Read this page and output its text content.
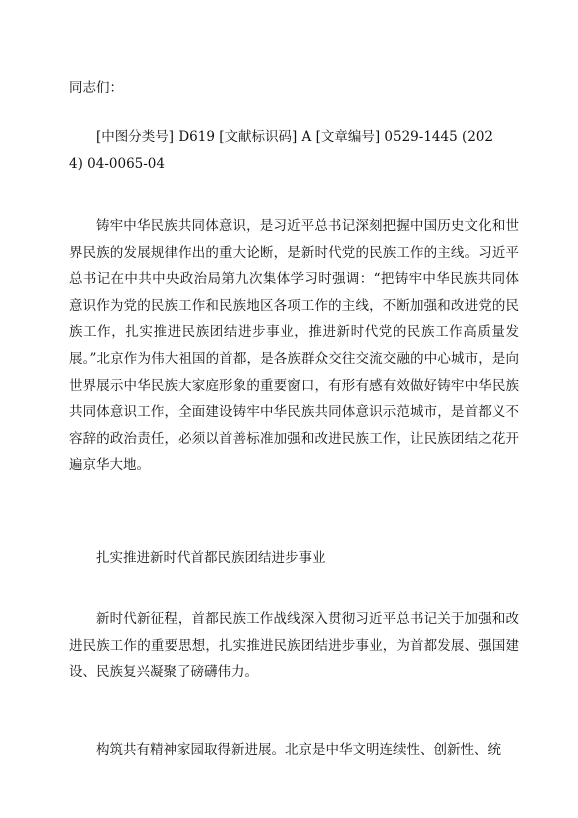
同志们：
[中图分类号] D619 [文献标识码] A [文章编号] 0529-1445 (202
4) 04-0065-04
铸牢中华民族共同体意识，是习近平总书记深刻把握中国历史文化和世界民族的发展规律作出的重大论断，是新时代党的民族工作的主线。习近平总书记在中共中央政治局第九次集体学习时强调：“把铸牢中华民族共同体意识作为党的民族工作和民族地区各项工作的主线，不断加强和改进党的民族工作，扎实推进民族团结进步事业，推进新时代党的民族工作高质量发展。”北京作为伟大祖国的首都，是各族群众交往交流交融的中心城市，是向世界展示中华民族大家庭形象的重要窗口，有形有感有效做好铸牢中华民族共同体意识工作，全面建设铸牢中华民族共同体意识示范城市，是首都义不容辞的政治责任，必须以首善标准加强和改进民族工作，让民族团结之花开遍京华大地。
扎实推进新时代首都民族团结进步事业
新时代新征程，首都民族工作战线深入贯彻习近平总书记关于加强和改进民族工作的重要思想，扎实推进民族团结进步事业，为首都发展、强国建设、民族复兴凝聚了磅礴伟力。
构筑共有精神家园取得新进展。北京是中华文明连续性、创新性、统
